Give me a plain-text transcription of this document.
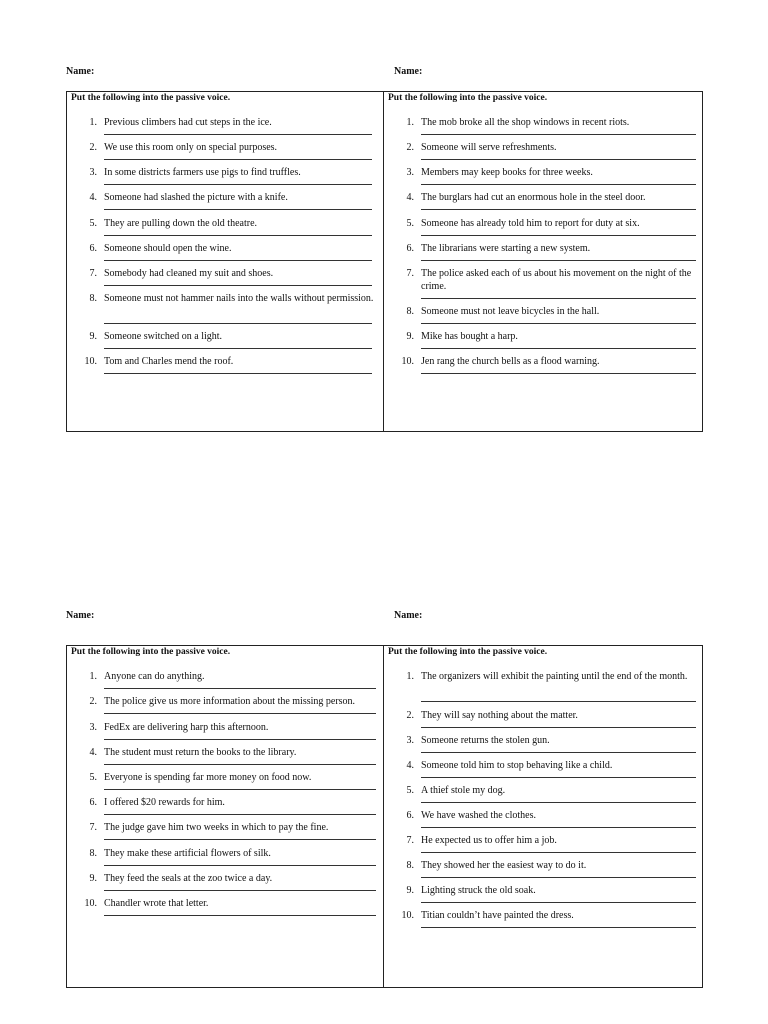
Name:	Name:
Name:	Name:
Put the following into the passive voice.
1. Previous climbers had cut steps in the ice.
2. We use this room only on special purposes.
3. In some districts farmers use pigs to find truffles.
4. Someone had slashed the picture with a knife.
5. They are pulling down the old theatre.
6. Someone should open the wine.
7. Somebody had cleaned my suit and shoes.
8. Someone must not hammer nails into the walls without permission.
9. Someone switched on a light.
10. Tom and Charles mend the roof.
Put the following into the passive voice.
1. The mob broke all the shop windows in recent riots.
2. Someone will serve refreshments.
3. Members may keep books for three weeks.
4. The burglars had cut an enormous hole in the steel door.
5. Someone has already told him to report for duty at six.
6. The librarians were starting a new system.
7. The police asked each of us about his movement on the night of the crime.
8. Someone must not leave bicycles in the hall.
9. Mike has bought a harp.
10. Jen rang the church bells as a flood warning.
Put the following into the passive voice.
1. Anyone can do anything.
2. The police give us more information about the missing person.
3. FedEx are delivering harp this afternoon.
4. The student must return the books to the library.
5. Everyone is spending far more money on food now.
6. I offered $20 rewards for him.
7. The judge gave him two weeks in which to pay the fine.
8. They make these artificial flowers of silk.
9. They feed the seals at the zoo twice a day.
10. Chandler wrote that letter.
Put the following into the passive voice.
1. The organizers will exhibit the painting until the end of the month.
2. They will say nothing about the matter.
3. Someone returns the stolen gun.
4. Someone told him to stop behaving like a child.
5. A thief stole my dog.
6. We have washed the clothes.
7. He expected us to offer him a job.
8. They showed her the easiest way to do it.
9. Lighting struck the old soak.
10. Titian couldn’t have painted the dress.
